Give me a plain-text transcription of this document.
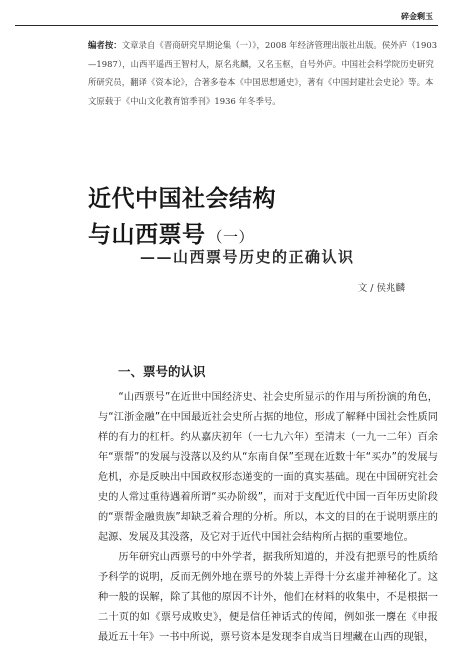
碎金剩玉
编者按：文章录自《晋商研究早期论集（一）》，2008 年经济管理出版社出版。侯外庐（1903—1987），山西平遥西王智村人，原名兆麟，又名玉枢，自号外庐。中国社会科学院历史研究所研究员，翻译《资本论》，合著多卷本《中国思想通史》，著有《中国封建社会史论》等。本文原载于《中山文化教育馆季刊》1936 年冬季号。
近代中国社会结构
与山西票号 （一）
——山西票号历史的正确认识
文 / 侯兆麟
一、票号的认识

“山西票号”在近世中国经济史、社会史所显示的作用与所扮演的角色，与“江浙金融”在中国最近社会史所占据的地位，形成了解释中国社会性质同样的有力的杠杆。约从嘉庆初年（一七九六年）至清末（一九一二年）百余年“票帮”的发展与没落以及约从“东南自保”至现在近数十年“买办”的发展与危机，亦是反映出中国政权形态递变的一面的真实基础。现在中国研究社会史的人常过重待遇着所谓“买办阶级”，而对于支配近代中国一百年历史阶段的“票帮金融贵族”却缺乏着合理的分析。所以，本文的目的在于说明票庄的起源、发展及其没落，及它对于近代中国社会结构所占据的重要地位。

历年研究山西票号的中外学者，据我所知道的，并没有把票号的性质给予科学的说明，反而无例外地在票号的外装上弄得十分玄虚并神秘化了。这种一般的误解，除了其他的原因不计外，他们在材料的收集中，不是根据一二十页的如《票号成败史》，便是信任神话式的传闻，例如张一麐在《申报最近五十年》一书中所说，票号资本是发现李自成当日埋藏在山西的现银，
